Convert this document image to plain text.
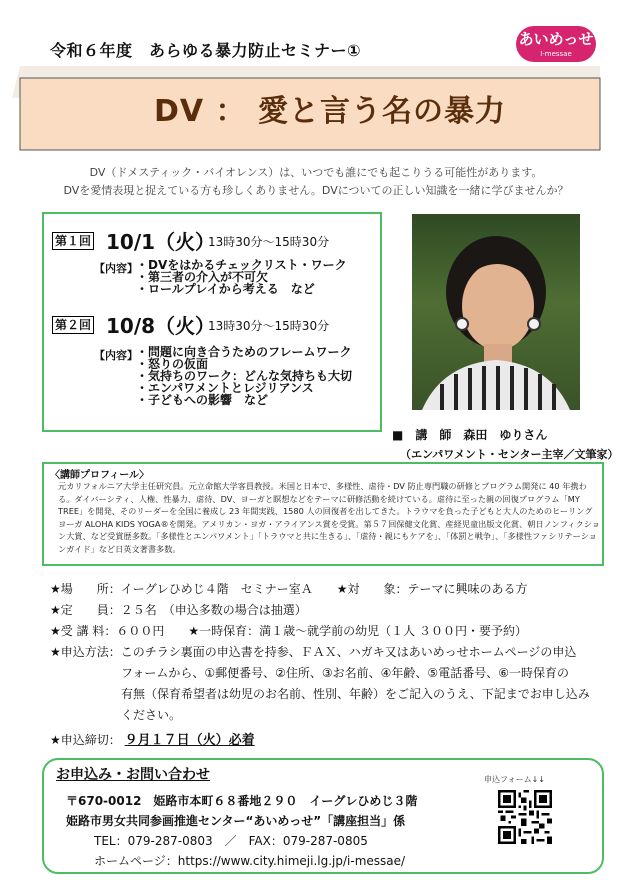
令和６年度　あらゆる暴力防止セミナー①
あいめっせ
I-messae
DV ： 愛と言う名の暴力
DV（ドメスティック・バイオレンス）は、いつでも誰にでも起こりうる可能性があります。
DVを愛情表現と捉えている方も珍しくありません。DVについての正しい知識を一緒に学びませんか？
第１回 10/1（火）
13時30分～15時30分
【内容】 ・ DVをはかるチェックリスト・ワーク
・ 第三者の介入が不可欠
・ ロールプレイから考える　など
第２回 10/8（火）
13時30分～15時30分
【内容】 ・ 問題に向き合うためのフレームワーク
・ 怒りの仮面
・ 気持ちのワーク：どんな気持ちも大切
・ エンパワメントとレジリアンス
・ 子どもへの影響　など
■　講　師　森田　ゆりさん
（エンパワメント・センター主宰／文筆家）
〈講師プロフィール〉
元カリフォルニア大学主任研究員。元立命館大学客員教授。米国と日本で、多様性、虐待・DV 防止専門職の研修とプログラム開発に 40 年携わる。ダイバーシティ、人権、性暴力、虐待、DV、ヨーガと瞑想などをテーマに研修活動を続けている。虐待に至った親の回復プログラム「MY TREE」を開発、そのリーダーを全国に養成し 23 年間実践、1580 人の回復者を出してきた。トラウマを負った子どもと大人のためのヒーリングヨーガ ALOHA KIDS YOGA®を開発。アメリカン・ヨガ・アライアンス賞を受賞。第５７回保健文化賞、産経児童出版文化賞、朝日ノンフィクション大賞、など受賞歴多数。「多様性とエンパワメント」「トラウマと共に生きる」、「虐待・親にもケアを」、「体罰と戦争」、「多様性ファシリテーションガイド」など日英文著書多数。
★場　　所：イーグレひめじ４階　セミナー室Ａ　　★対　　象：テーマに興味のある方
★定　　員：２５名　（申込多数の場合は抽選）
★受 講 料：６００円　　★一時保育：満１歳～就学前の幼児（１人 ３００円・要予約）
★申込方法：このチラシ裏面の申込書を持参、ＦＡＸ、ハガキ又はあいめっせホームページの申込
フォームから、①郵便番号、②住所、③お名前、④年齢、⑤電話番号、⑥一時保育の
有無（保育希望者は幼児のお名前、性別、年齢）をご記入のうえ、下記までお申し込み
ください。
★申込締切： ９月１７日（火）必着
お申込み・お問い合わせ
〒670-0012　姫路市本町６８番地２９０　イーグレひめじ３階
姫路市男女共同参画推進センター“あいめっせ”「講座担当」係
TEL：079-287-0803　／　FAX：079-287-0805
ホームページ：https://www.city.himeji.lg.jp/i-messae/
申込フォーム↓↓
